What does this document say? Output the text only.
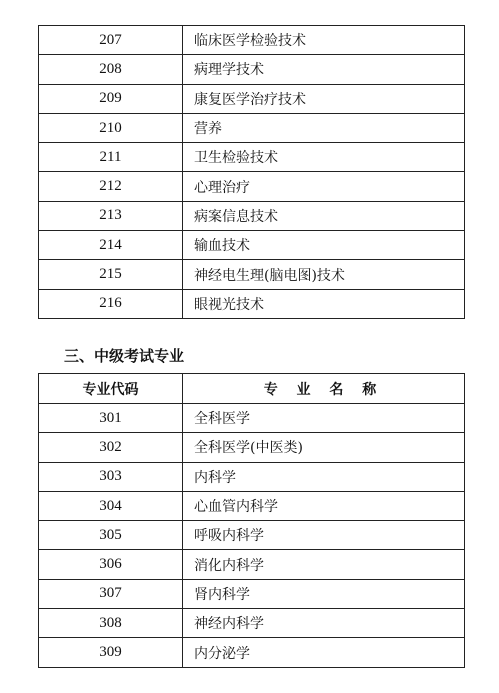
207	临床医学检验技术
208	病理学技术
209	康复医学治疗技术
210	营养
211	卫生检验技术
212	心理治疗
213	病案信息技术
214	输血技术
215	神经电生理(脑电图)技术
216	眼视光技术
三、中级考试专业
专业代码	专 业 名 称
301	全科医学
302	全科医学(中医类)
303	内科学
304	心血管内科学
305	呼吸内科学
306	消化内科学
307	肾内科学
308	神经内科学
309	内分泌学
